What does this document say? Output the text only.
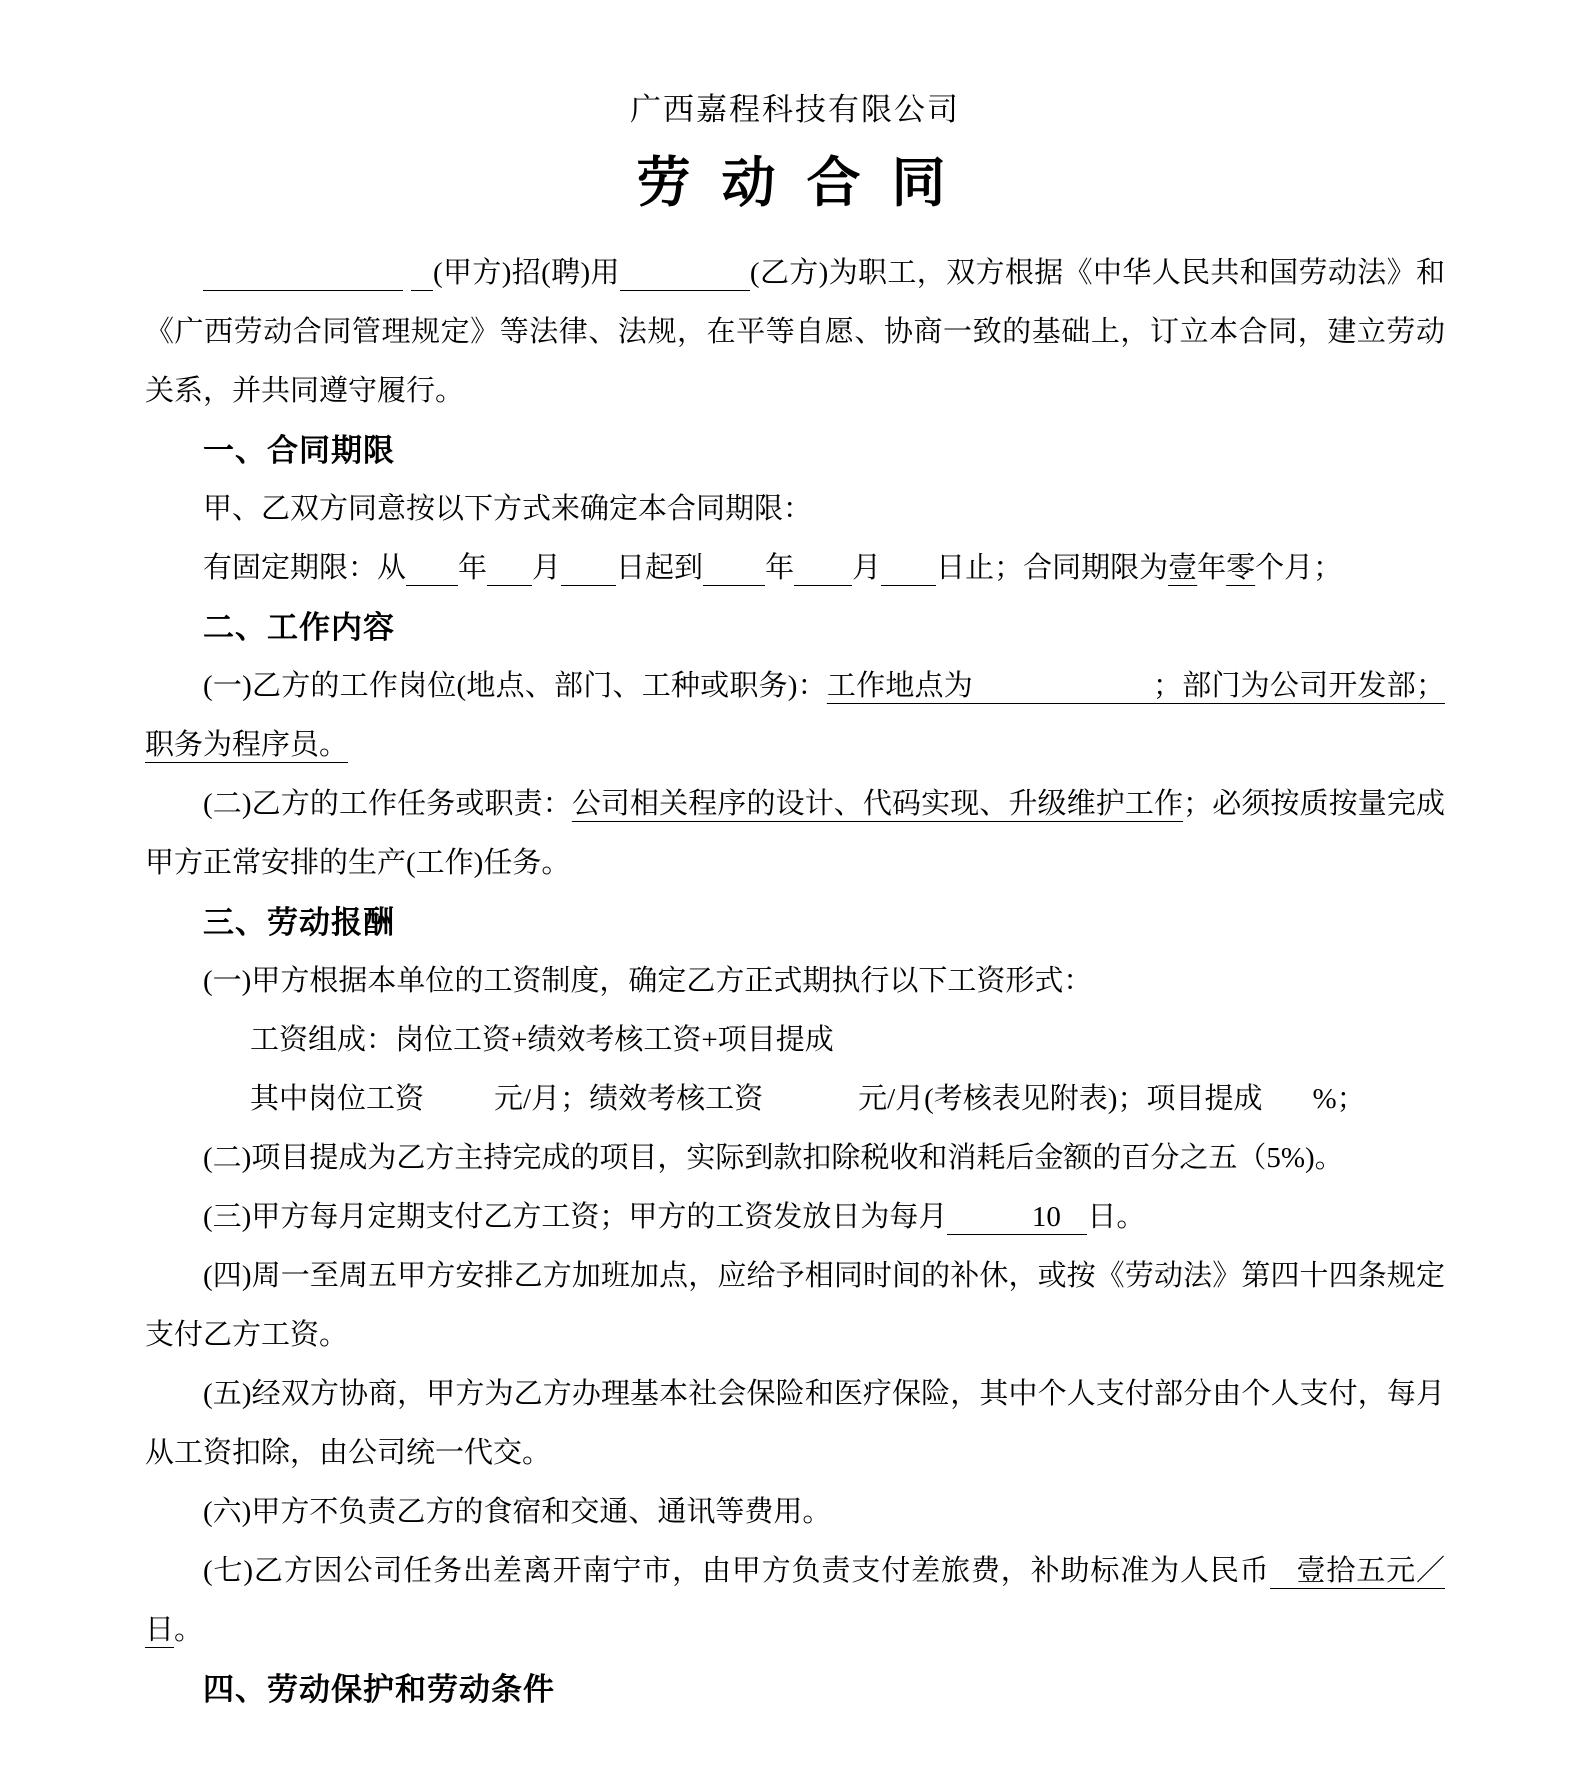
广西嘉程科技有限公司

劳 动 合 同

(甲方)招(聘)用	(乙方)为职工，双方根据《中华人民共和国劳动法》和《广西劳动合同管理规定》等法律、法规，在平等自愿、协商一致的基础上，订立本合同，建立劳动关系，并共同遵守履行。

一、合同期限

甲、乙双方同意按以下方式来确定本合同期限：

有固定期限：从 年 月 日起到 年 月 日止；合同期限为壹年零个月；

二、工作内容

(一)乙方的工作岗位(地点、部门、工种或职务)：工作地点为	；部门为公司开发部；职务为程序员。

(二)乙方的工作任务或职责：公司相关程序的设计、代码实现、升级维护工作；必须按质按量完成甲方正常安排的生产(工作)任务。

三、劳动报酬

(一)甲方根据本单位的工资制度，确定乙方正式期执行以下工资形式：

工资组成：岗位工资+绩效考核工资+项目提成

其中岗位工资 元/月；绩效考核工资	元/月(考核表见附表)；项目提成 %；

(二)项目提成为乙方主持完成的项目，实际到款扣除税收和消耗后金额的百分之五（5%)。

(三)甲方每月定期支付乙方工资；甲方的工资发放日为每月	10 日。

(四)周一至周五甲方安排乙方加班加点，应给予相同时间的补休，或按《劳动法》第四十四条规定支付乙方工资。

(五)经双方协商，甲方为乙方办理基本社会保险和医疗保险，其中个人支付部分由个人支付，每月从工资扣除，由公司统一代交。

(六)甲方不负责乙方的食宿和交通、通讯等费用。

(七)乙方因公司任务出差离开南宁市，由甲方负责支付差旅费，补助标准为人民币 壹拾五元／日。

四、劳动保护和劳动条件
